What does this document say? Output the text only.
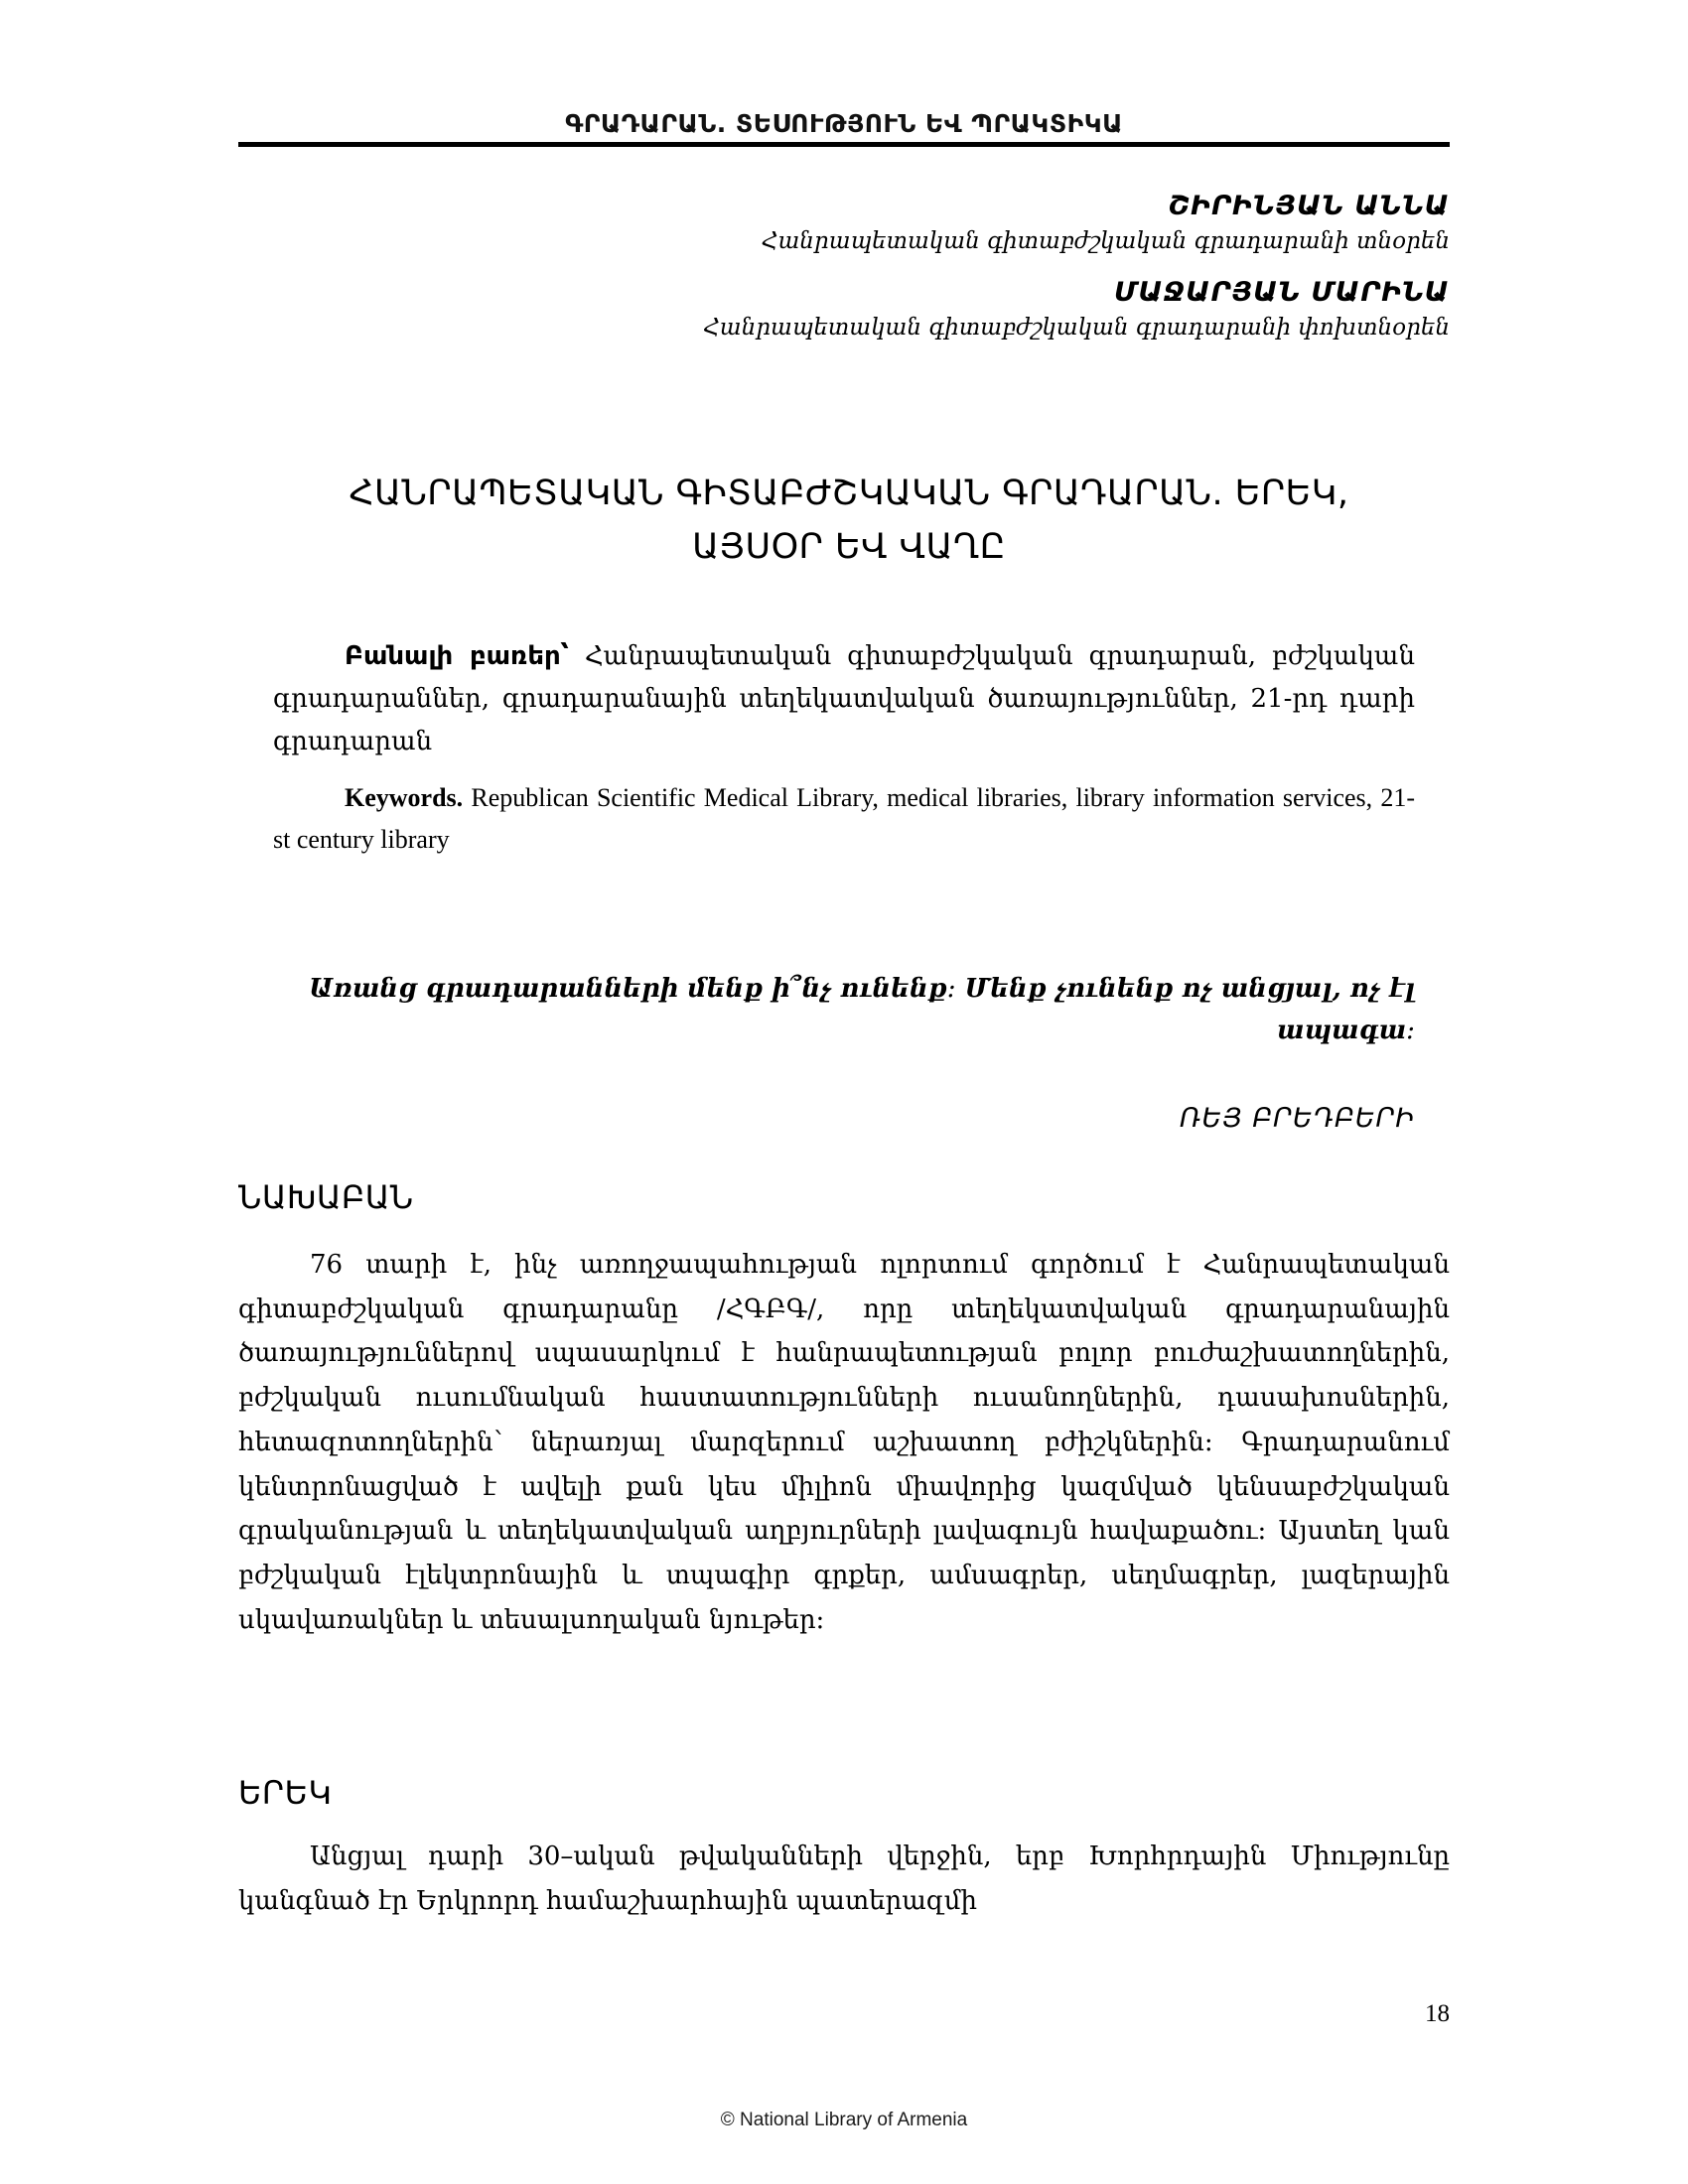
ԳՐԱԴԱՐԱՆ. ՏԵՍՈՒԹՅՈՒՆ ԵՎ ՊՐԱԿՏԻԿԱ

ՇԻՐԻՆՅԱՆ ԱՆՆԱ

Հանրապետական գիտաբժշկական գրադարանի տնօրեն

ՄԱՋԱՐՅԱՆ ՄԱՐԻՆԱ

Հանրապետական գիտաբժշկական գրադարանի փոխտնօրեն

ՀԱՆՐԱՊԵՏԱԿԱՆ ԳԻՏԱԲԺՇԿԱԿԱՆ ԳՐԱԴԱՐԱՆ. ԵՐԵԿ,
ԱՅՍՕՐ ԵՎ ՎԱՂԸ

Բանալի բառեր՝ Հանրապետական գիտաբժշկական գրադարան, բժշկական գրադարաններ, գրադարանային տեղեկատվական ծառայություններ, 21-րդ դարի գրադարան

Keywords. Republican Scientific Medical Library, medical libraries, library information services, 21-st century library

Առանց գրադարանների մենք ի՞նչ ունենք։ Մենք չունենք ոչ անցյալ, ոչ էլ ապագա։

ՌԵՅ ԲՐԵԴԲԵՐԻ

ՆԱԽԱԲԱՆ

76 տարի է, ինչ առողջապահության ոլորտում գործում է Հանրապետական գիտաբժշկական գրադարանը /ՀԳԲԳ/, որը տեղեկատվական գրադարանային ծառայություններով սպասարկում է հանրապետության բոլոր բուժաշխատողներին, բժշկական ուսումնական հաստատությունների ուսանողներին, դասախոսներին, հետազոտողներին՝ ներառյալ մարզերում աշխատող բժիշկներին։ Գրադարանում կենտրոնացված է ավելի քան կես միլիոն միավորից կազմված կենսաբժշկական գրականության և տեղեկատվական աղբյուրների լավագույն հավաքածու։ Այստեղ կան բժշկական էլեկտրոնային և տպագիր գրքեր, ամսագրեր, սեղմագրեր, լազերային սկավառակներ և տեսալսողական նյութեր։

ԵՐԵԿ

Անցյալ դարի 30–ական թվականների վերջին, երբ Խորհրդային Միությունը կանգնած էր Երկրորդ համաշխարհային պատերազմի

18
© National Library of Armenia
